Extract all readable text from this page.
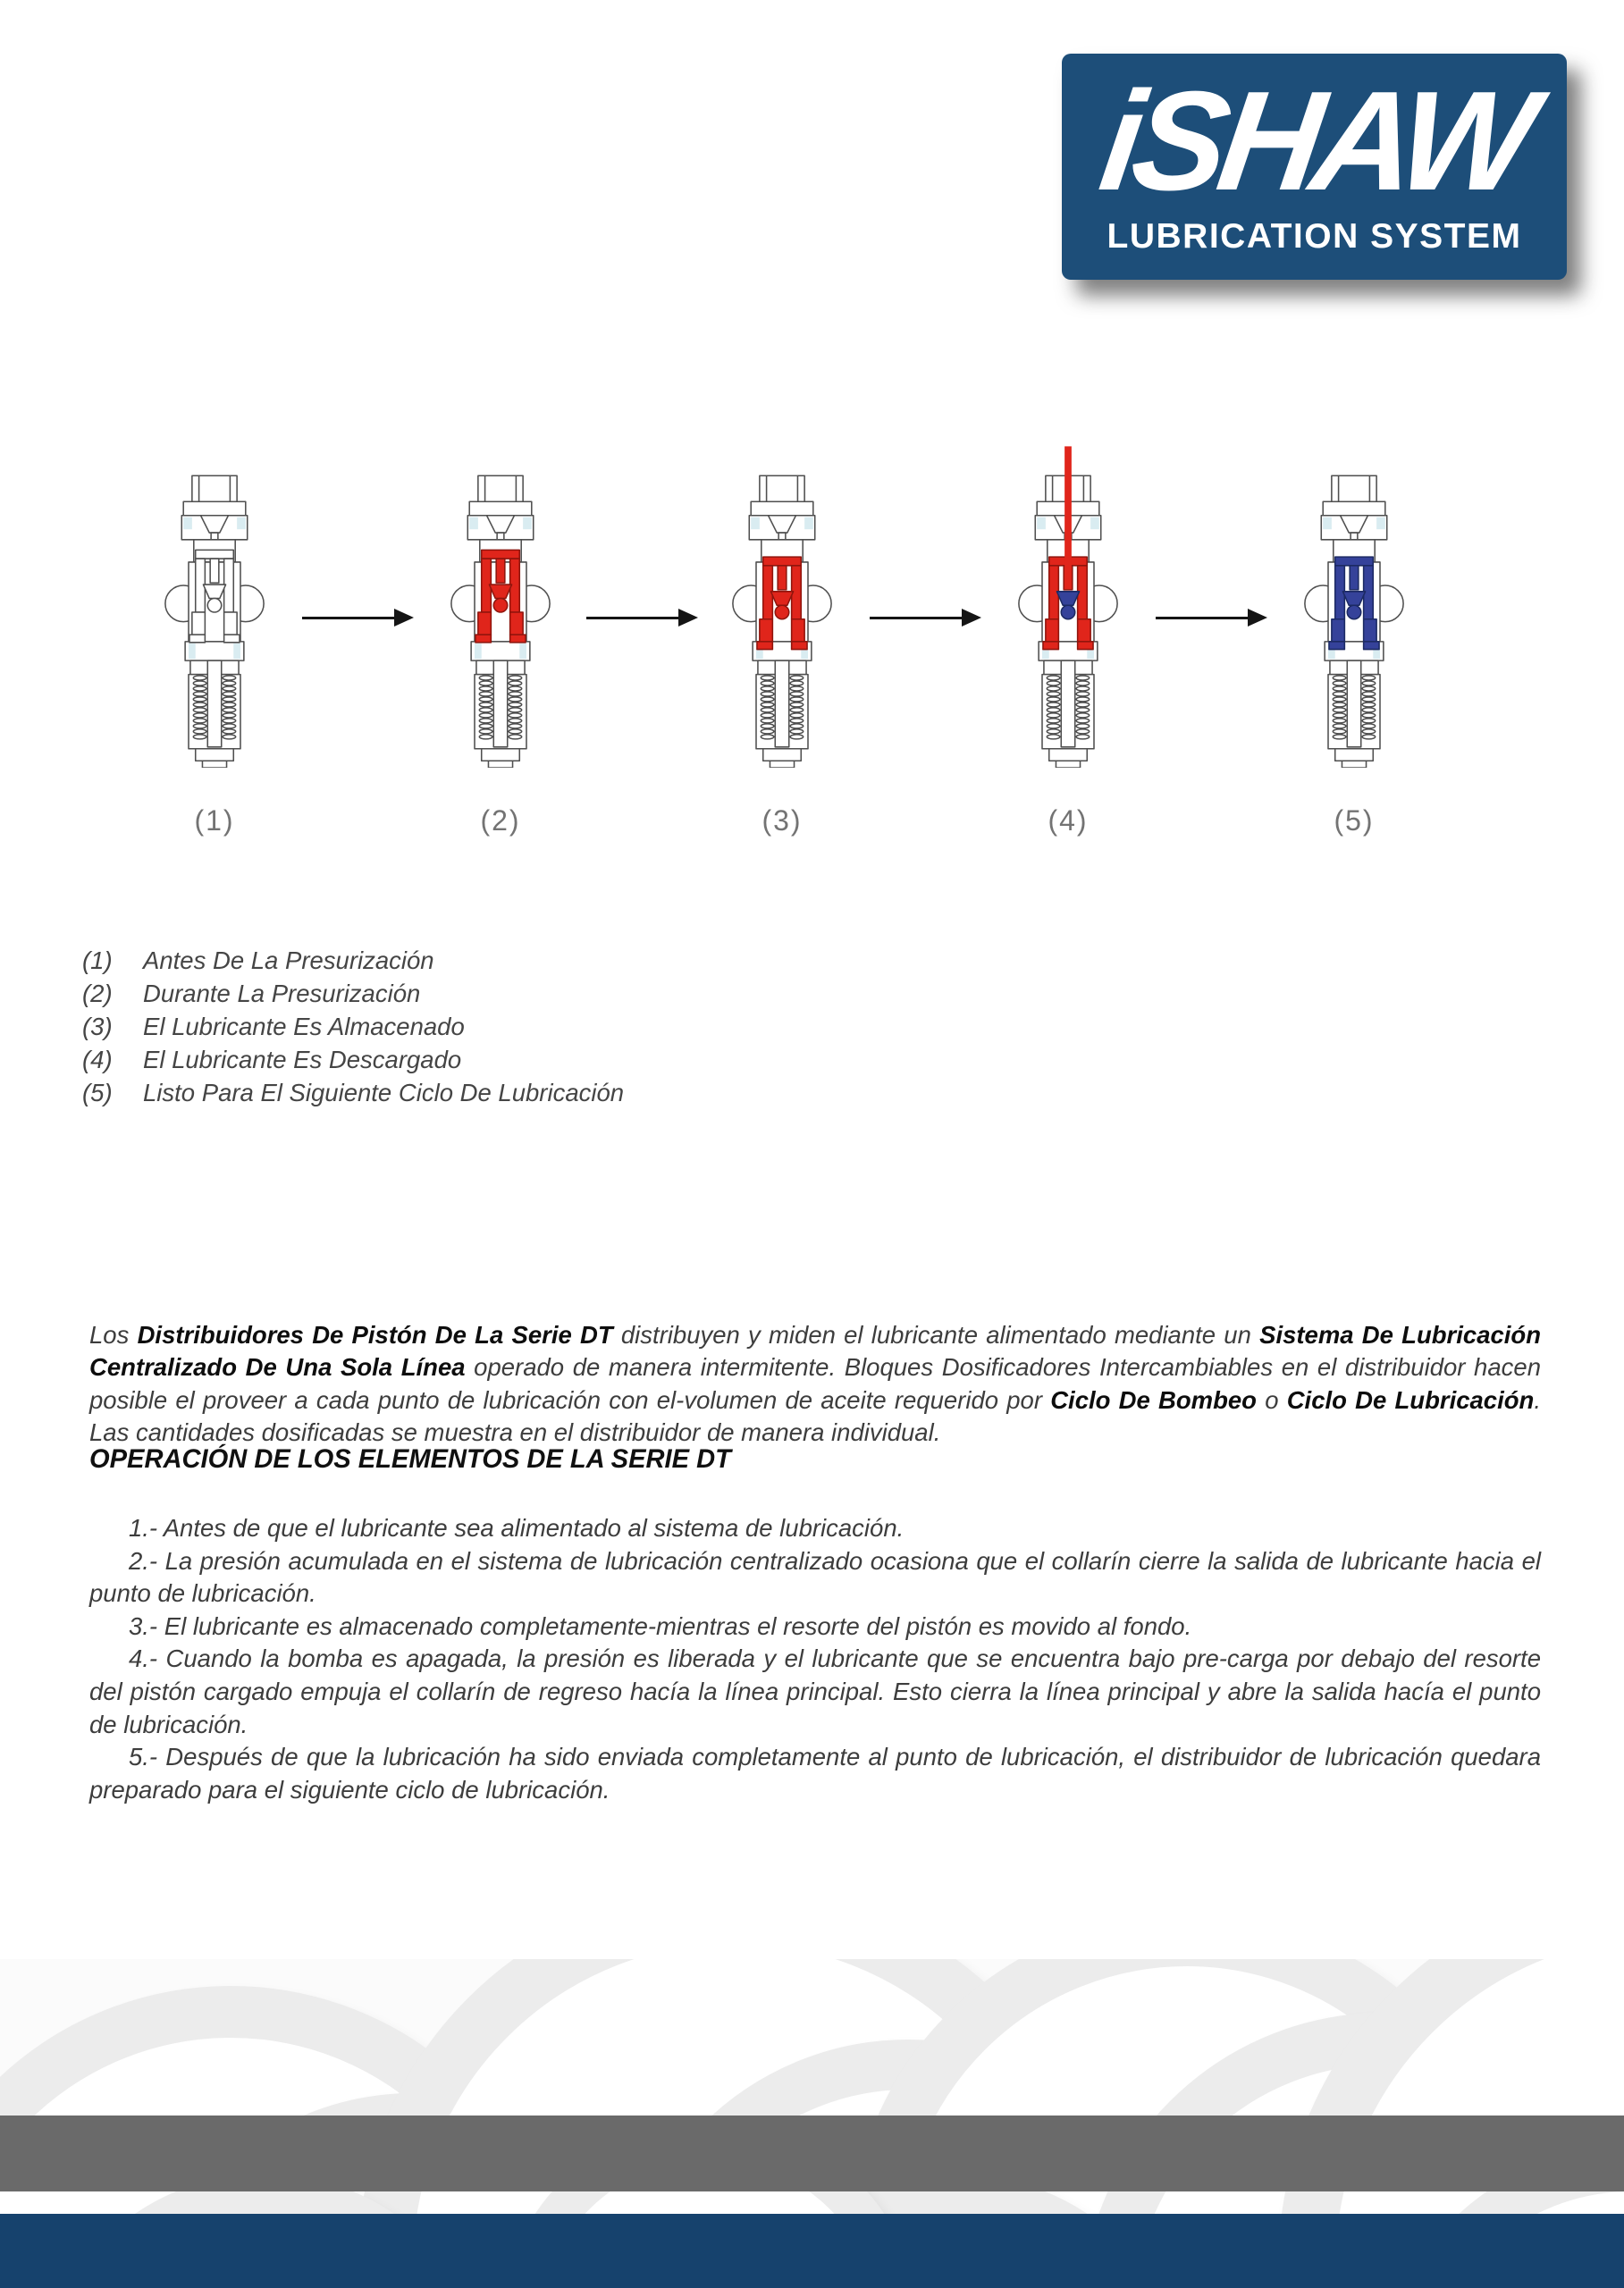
iSHAW
LUBRICATION SYSTEM
(1)	(2)	(3)	(4)	(5)
(1)	Antes De La Presurización
(2)	Durante La Presurización
(3)	El Lubricante Es Almacenado
(4)	El Lubricante Es Descargado
(5)	Listo Para El Siguiente Ciclo De Lubricación

Los Distribuidores De Pistón De La Serie DT distribuyen y miden el lubricante alimentado mediante un Sistema De Lubricación Centralizado De Una Sola Línea operado de manera intermitente. Bloques Dosificadores Intercambiables en el distribuidor hacen posible el proveer a cada punto de lubricación con el-volumen de aceite requerido por Ciclo De Bombeo o Ciclo De Lubricación. Las cantidades dosificadas se muestra en el distribuidor de manera individual.

OPERACIÓN DE LOS ELEMENTOS DE LA SERIE DT

1.- Antes de que el lubricante sea alimentado al sistema de lubricación.

2.- La presión acumulada en el sistema de lubricación centralizado ocasiona que el collarín cierre la salida de lubricante hacia el punto de lubricación.

3.- El lubricante es almacenado completamente-mientras el resorte del pistón es movido al fondo.

4.- Cuando la bomba es apagada, la presión es liberada y el lubricante que se encuentra bajo pre-carga por debajo del resorte del pistón cargado empuja el collarín de regreso hacía la línea principal. Esto cierra la línea principal y abre la salida hacía el punto de lubricación.

5.- Después de que la lubricación ha sido enviada completamente al punto de lubricación, el distribuidor de lubricación quedara preparado para el siguiente ciclo de lubricación.
